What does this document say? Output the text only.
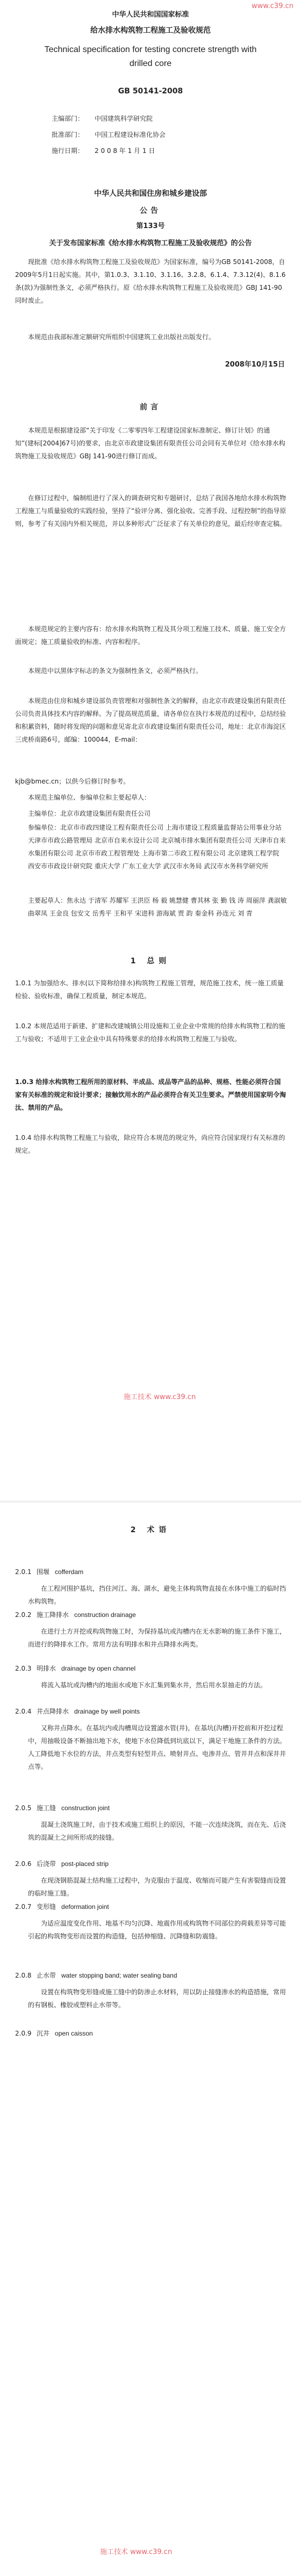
www.c39.cn
中华人民共和国国家标准
给水排水构筑物工程施工及验收规范
Technical specification for testing concrete strength with
drilled core
GB 50141-2008
主编部门： 中国建筑科学研究院
批准部门： 中国工程建设标准化协会
施行日期： 2 0 0 8 年 1 月 1 日
中华人民共和国住房和城乡建设部
公告
第133号
关于发布国家标准《给水排水构筑物工程施工及验收规范》的公告

现批准《给水排水构筑物工程施工及验收规范》为国家标准，编号为GB 50141-2008，自2009年5月1日起实施。其中，第1.0.3、3.1.10、3.1.16、3.2.8、6.1.4、7.3.12(4)、8.1.6条(款)为强制性条文，必须严格执行。原《给水排水构筑物工程施工及验收规范》GBJ 141-90同时废止。

本规范由我部标准定额研究所组织中国建筑工业出版社出版发行。

2008年10月15日
前言

本规范是根据建设部“关于印发《二零零四年工程建设国家标准制定、修订计划》的通知”(建标[2004]67号)的要求，由北京市政建设集团有限责任公司会同有关单位对《给水排水构筑物施工及验收规范》GBJ 141-90进行修订而成。

在修订过程中，编制组进行了深入的调查研究和专题研讨，总结了我国各地给水排水构筑物工程施工与质量验收的实践经验，坚持了“验评分离、强化验收、完善手段、过程控制”的指导原则，参考了有关国内外相关规范，并以多种形式广泛征求了有关单位的意见，最后经审查定稿。

本规范规定的主要内容有：给水排水构筑物工程及其分项工程施工技术、质量、施工安全方面规定；施工质量验收的标准、内容和程序。

本规范中以黑体字标志的条文为强制性条文，必须严格执行。

本规范由住房和城乡建设部负责管理和对强制性条文的解释，由北京市政建设集团有限责任公司负责具体技术内容的解释。为了提高规范质量，请各单位在执行本规范的过程中，总结经验和积累资料，随时将发现的问题和意见寄北京市政建设集团有限责任公司，地址：北京市海淀区三虎桥南路6号，邮编：100044，E-mail：

kjb@bmec.cn；以供今后修订时参考。
本规范主编单位、参编单位和主要起草人：
主编单位：北京市政建设集团有限责任公司

参编单位：北京市市政四建设工程有限责任公司 上海市建设工程质量监督站公用事业分站 天津市市政公路管理局 北京市自来水设计公司 北京城市排水集团有限责任公司 天津市自来水集团有限公司 北京市市政工程管理处 上海市第二市政工程有限公司 北京建筑工程学院 西安市市政设计研究院 重庆大学 广东工业大学 武汉市水务局 武汉市水务科学研究所

主要起草人：焦永达 于清军 苏耀军 王洪臣 杨 毅 姚慧健 曹其林 张 勤 钱 涛 周丽萍 龚淑敏 曲翠凤 王金良 包安文 岳秀平 王和平 宋进科 游海斌 贾 韵 秦金科 孙连元 刘 青

1 总则

1.0.1 为加强给水、排水(以下简称给排水)构筑物工程施工管理，规范施工技术，统一施工质量检验、验收标准，确保工程质量，制定本规范。

1.0.2 本规范适用于新建、扩建和改建城镇公用设施和工业企业中常规的给排水构筑物工程的施工与验收；不适用于工业企业中具有特殊要求的给排水构筑物工程施工与验收。

1.0.3 给排水构筑物工程所用的原材料、半成品、成品等产品的品种、规格、性能必须符合国家有关标准的规定和设计要求；接触饮用水的产品必须符合有关卫生要求。严禁使用国家明令淘汰、禁用的产品。

1.0.4 给排水构筑物工程施工与验收，除应符合本规范的规定外，尚应符合国家现行有关标准的规定。

施工技术 www.c39.cn
2 术语
2.0.1 围堰 cofferdam

在工程河围护基坑，挡住河江、海、湖水，避免主体构筑物直接在水体中施工的临时挡水构筑物。

2.0.2 施工降排水 construction drainage

在进行土方开挖或构筑物施工时，为保持基坑或沟槽内在无水影响的施工条件下施工，而进行的降排水工作。常用方法有明排水和井点降排水两类。

2.0.3 明排水 drainage by open channel

将流入基坑或沟槽内的地面水或地下水汇集到集水井，然后用水泵抽走的方法。

2.0.4 井点降排水 drainage by well points

又称井点降水。在基坑内或沟槽周边设置滤水管(井)，在基坑(沟槽)开挖前和开挖过程中，用抽吸设备不断抽出地下水，使地下水位降低到坑底以下，满足干地施工条件的方法。人工降低地下水位的方法，井点类型有轻型井点、喷射井点、电渗井点、管井井点和深井井点等。

2.0.5 施工缝 construction joint

混凝土浇筑施工时，由于技术或施工组织上的原因，不能一次连续浇筑，而在先、后浇筑的混凝土之间所形成的接缝。

2.0.6 后浇带 post-placed strip

在现浇钢筋混凝土结构施工过程中，为克服由于温度、收缩而可能产生有害裂缝而设置的临时施工缝。

2.0.7 变形缝 deformation joint

为适应温度变化作用、地基不均匀沉降、地震作用或构筑物不同部位的荷载差异等可能引起的构筑物变形而设置的构造缝，包括伸缩缝、沉降缝和防震缝。

2.0.8 止水带 water stopping band; water sealing band

设置在构筑物变形缝或施工缝中的防渗止水材料，用以防止接缝渗水的构造措施，常用的有钢板、橡胶或塑料止水带等。

2.0.9 沉井 open caisson
施工技术 www.c39.cn
